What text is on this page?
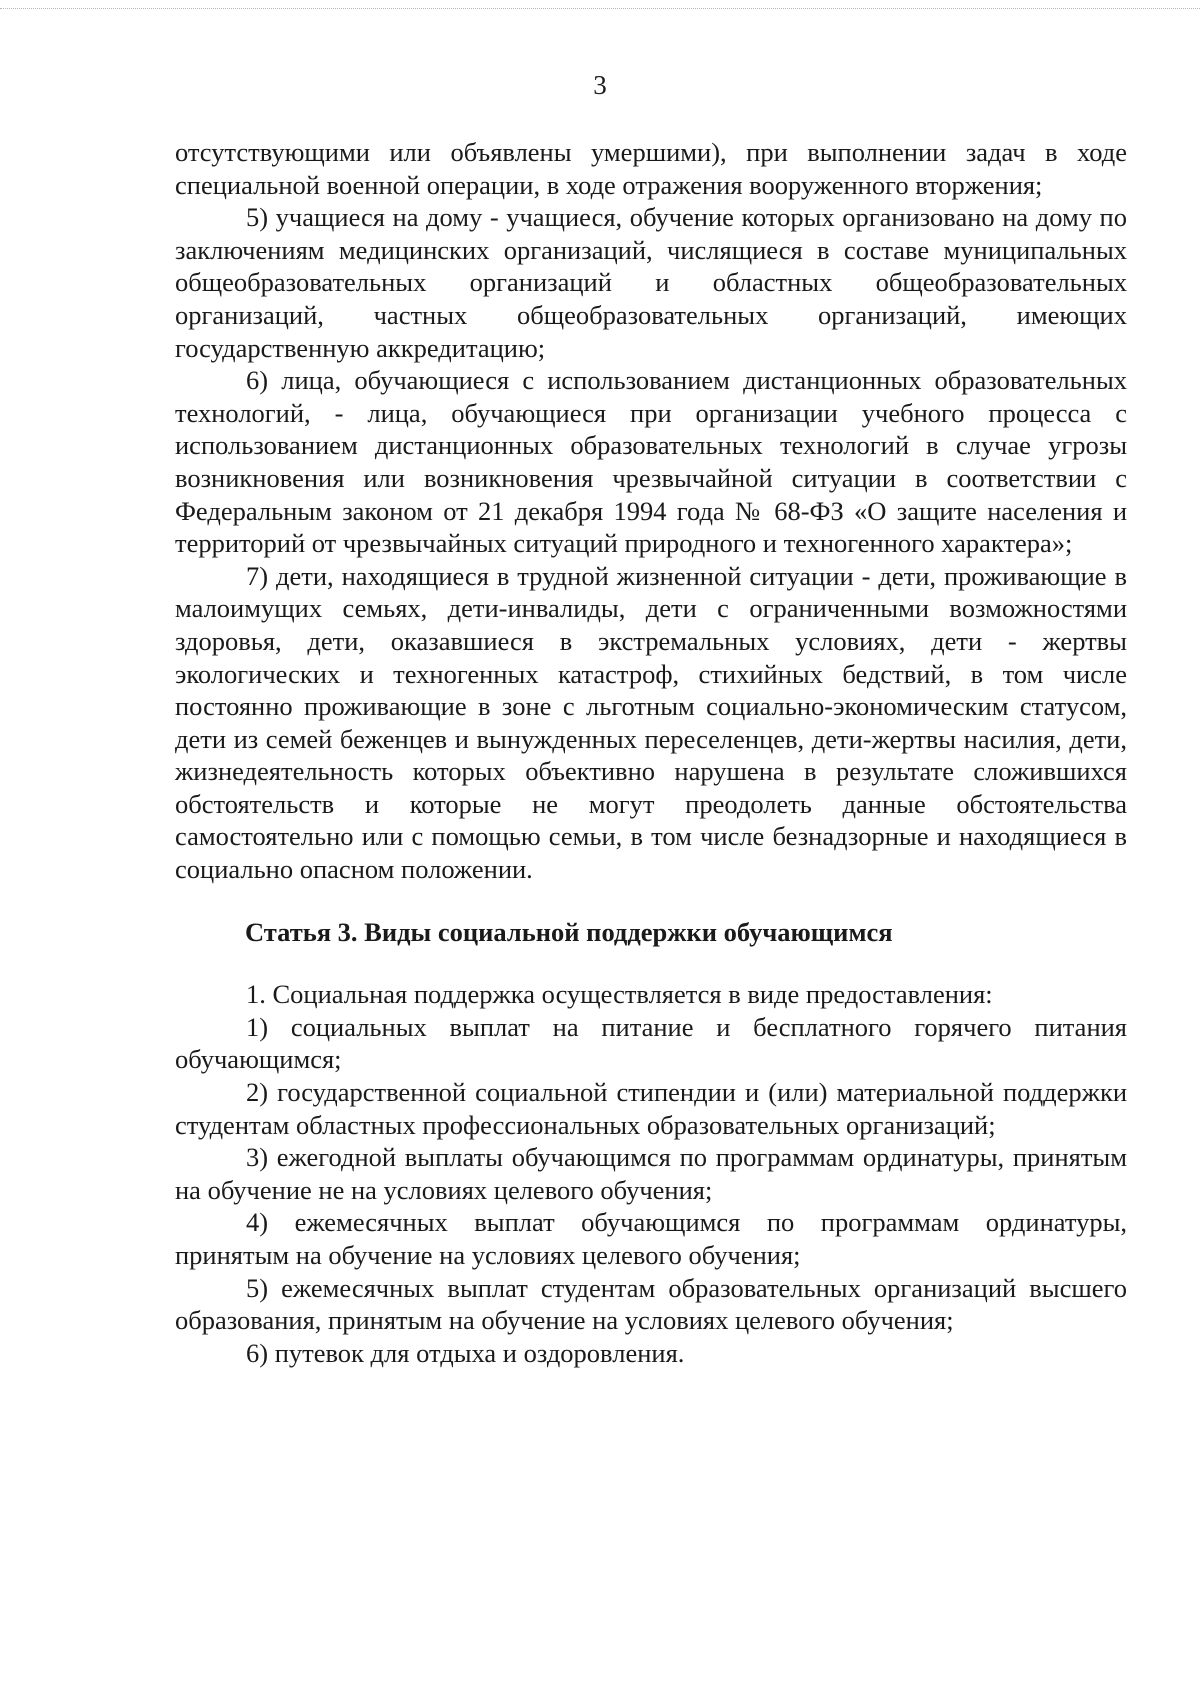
3

отсутствующими или объявлены умершими), при выполнении задач в ходе специальной военной операции, в ходе отражения вооруженного вторжения;

5) учащиеся на дому - учащиеся, обучение которых организовано на дому по заключениям медицинских организаций, числящиеся в составе муниципальных общеобразовательных организаций и областных общеобразовательных организаций, частных общеобразовательных организаций, имеющих государственную аккредитацию;

6) лица, обучающиеся с использованием дистанционных образовательных технологий, - лица, обучающиеся при организации учебного процесса с использованием дистанционных образовательных технологий в случае угрозы возникновения или возникновения чрезвычайной ситуации в соответствии с Федеральным законом от 21 декабря 1994 года № 68-ФЗ «О защите населения и территорий от чрезвычайных ситуаций природного и техногенного характера»;

7) дети, находящиеся в трудной жизненной ситуации - дети, проживающие в малоимущих семьях, дети-инвалиды, дети с ограниченными возможностями здоровья, дети, оказавшиеся в экстремальных условиях, дети - жертвы экологических и техногенных катастроф, стихийных бедствий, в том числе постоянно проживающие в зоне с льготным социально-экономическим статусом, дети из семей беженцев и вынужденных переселенцев, дети-жертвы насилия, дети, жизнедеятельность которых объективно нарушена в результате сложившихся обстоятельств и которые не могут преодолеть данные обстоятельства самостоятельно или с помощью семьи, в том числе безнадзорные и находящиеся в социально опасном положении.

Статья 3. Виды социальной поддержки обучающимся

1. Социальная поддержка осуществляется в виде предоставления:

1) социальных выплат на питание и бесплатного горячего питания обучающимся;

2) государственной социальной стипендии и (или) материальной поддержки студентам областных профессиональных образовательных организаций;

3) ежегодной выплаты обучающимся по программам ординатуры, принятым на обучение не на условиях целевого обучения;

4) ежемесячных выплат обучающимся по программам ординатуры, принятым на обучение на условиях целевого обучения;

5) ежемесячных выплат студентам образовательных организаций высшего образования, принятым на обучение на условиях целевого обучения;

6) путевок для отдыха и оздоровления.
